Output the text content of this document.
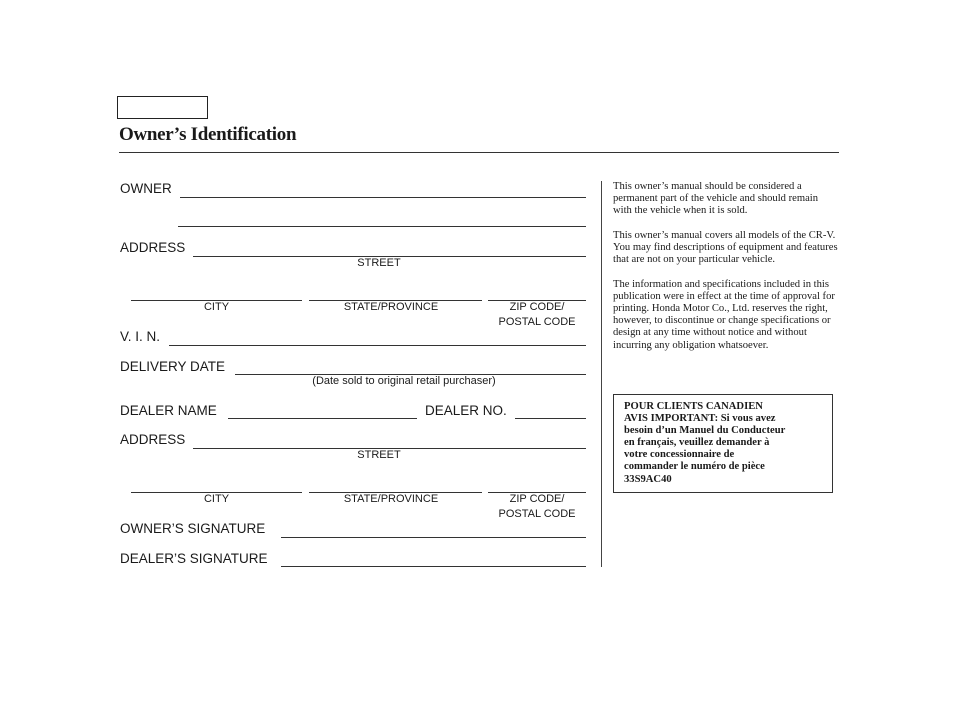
Owner’s Identification
OWNER
ADDRESS
STREET
CITY	STATE/PROVINCE	ZIP CODE/
POSTAL CODE
V. I. N.
DELIVERY DATE
(Date sold to original retail purchaser)
DEALER NAME	DEALER NO.
ADDRESS
STREET
CITY	STATE/PROVINCE	ZIP CODE/
POSTAL CODE
OWNER’S SIGNATURE
DEALER’S SIGNATURE

This owner’s manual should be considered a permanent part of the vehicle and should remain with the vehicle when it is sold.

This owner’s manual covers all models of the CR-V. You may find descriptions of equipment and features that are not on your particular vehicle.

The information and specifications included in this publication were in effect at the time of approval for printing. Honda Motor Co., Ltd. reserves the right, however, to discontinue or change specifications or design at any time without notice and without incurring any obligation whatsoever.

POUR CLIENTS CANADIEN
AVIS IMPORTANT: Si vous avez
besoin d’un Manuel du Conducteur
en français, veuillez demander à
votre concessionnaire de
commander le numéro de pièce
33S9AC40
